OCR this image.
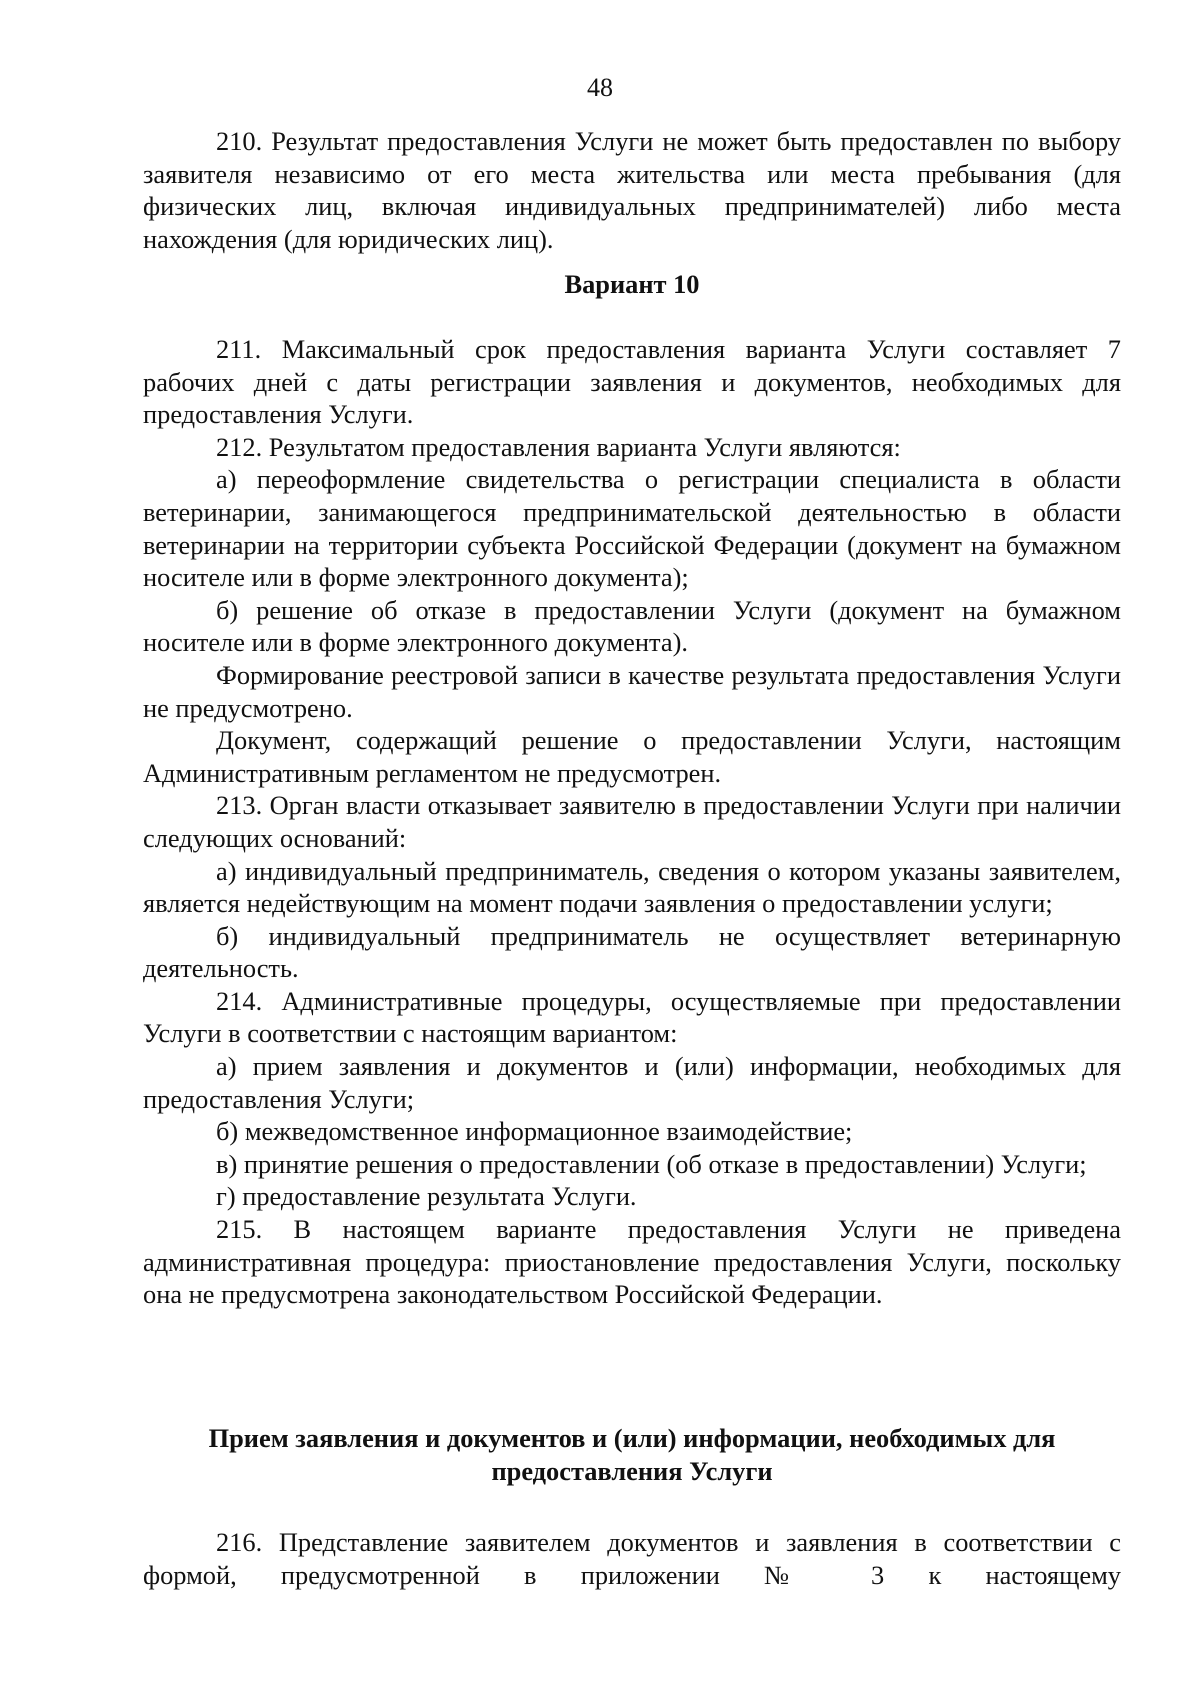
48

210. Результат предоставления Услуги не может быть предоставлен по выбору заявителя независимо от его места жительства или места пребывания (для физических лиц, включая индивидуальных предпринимателей) либо места нахождения (для юридических лиц).

Вариант 10

211. Максимальный срок предоставления варианта Услуги составляет 7 рабочих дней с даты регистрации заявления и документов, необходимых для предоставления Услуги.

212. Результатом предоставления варианта Услуги являются:

а) переоформление свидетельства о регистрации специалиста в области ветеринарии, занимающегося предпринимательской деятельностью в области ветеринарии на территории субъекта Российской Федерации (документ на бумажном носителе или в форме электронного документа);

б) решение об отказе в предоставлении Услуги (документ на бумажном носителе или в форме электронного документа).

Формирование реестровой записи в качестве результата предоставления Услуги не предусмотрено.

Документ, содержащий решение о предоставлении Услуги, настоящим Административным регламентом не предусмотрен.

213. Орган власти отказывает заявителю в предоставлении Услуги при наличии следующих оснований:

а) индивидуальный предприниматель, сведения о котором указаны заявителем, является недействующим на момент подачи заявления о предоставлении услуги;

б) индивидуальный предприниматель не осуществляет ветеринарную деятельность.

214. Административные процедуры, осуществляемые при предоставлении Услуги в соответствии с настоящим вариантом:

а) прием заявления и документов и (или) информации, необходимых для предоставления Услуги;

б) межведомственное информационное взаимодействие;

в) принятие решения о предоставлении (об отказе в предоставлении) Услуги;

г) предоставление результата Услуги.

215. В настоящем варианте предоставления Услуги не приведена административная процедура: приостановление предоставления Услуги, поскольку она не предусмотрена законодательством Российской Федерации.

Прием заявления и документов и (или) информации, необходимых для предоставления Услуги

216. Представление заявителем документов и заявления в соответствии с формой, предусмотренной в приложении № 3 к настоящему
